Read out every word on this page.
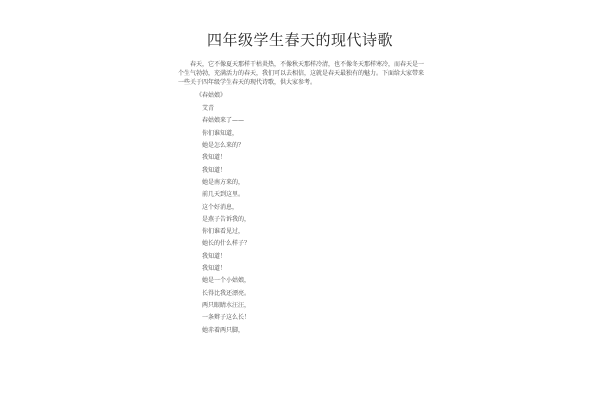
四年级学生春天的现代诗歌
春天，它不像夏天那样干枯炎热，不像秋天那样冷清，也不像冬天那样寒冷，而春天是一个生气勃勃，充满活力的春天，我们可以去相信，这就是春天最独有的魅力。下面给大家带来一些关于四年级学生春天的现代诗歌，供大家参考。
《春姑娘》
艾青
春姑娘来了——
你们谁知道，
她是怎么来的？
我知道！
我知道！
她是南方来的，
前几天到这里。
这个好消息，
是燕子告诉我的，
你们谁看见过，
她长的什么样子？
我知道！
我知道！
她是一个小姑娘，
长得比我还漂亮。
两只眼睛水汪汪，
一条辫子这么长！
她赤着两只脚，
